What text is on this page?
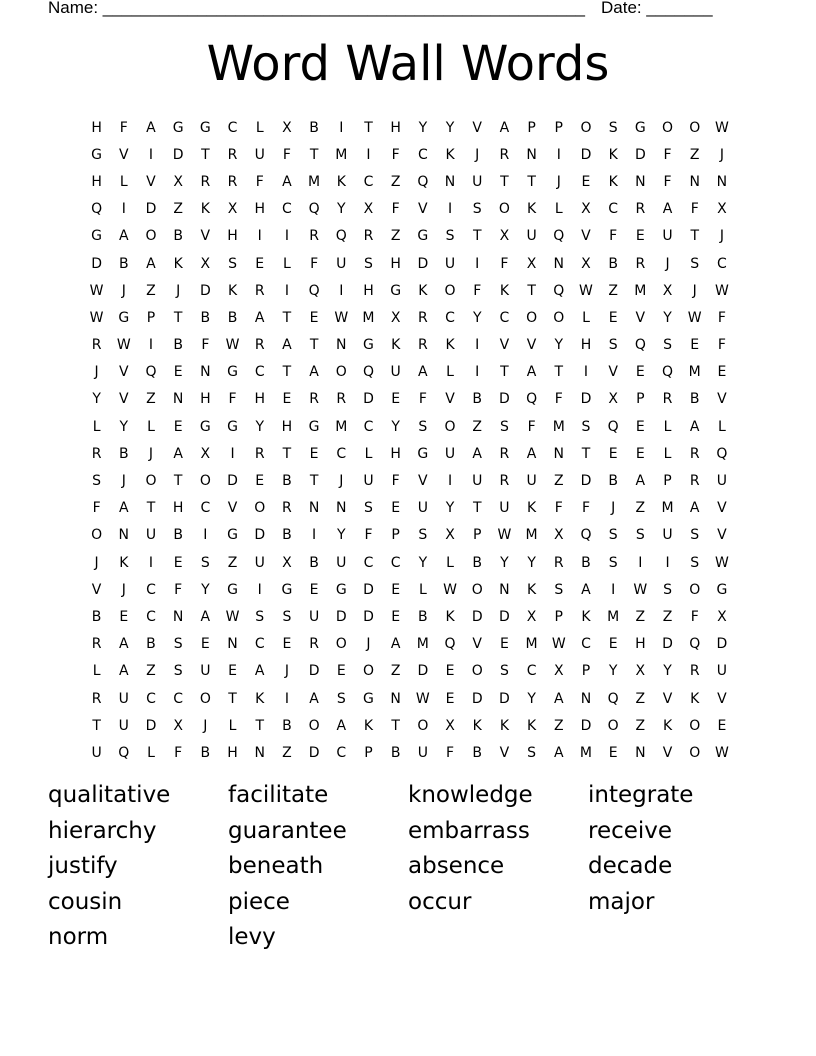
Name: ___________________________________________________ Date: _______
Word Wall Words
H	F	A	G	G	C	L	X	B	I	T	H	Y	Y	V	A	P	P	O	S	G	O	O	W
G	V	I	D	T	R	U	F	T	M	I	F	C	K	J	R	N	I	D	K	D	F	Z	J
H	L	V	X	R	R	F	A	M	K	C	Z	Q	N	U	T	T	J	E	K	N	F	N	N
Q	I	D	Z	K	X	H	C	Q	Y	X	F	V	I	S	O	K	L	X	C	R	A	F	X
G	A	O	B	V	H	I	I	R	Q	R	Z	G	S	T	X	U	Q	V	F	E	U	T	J
D	B	A	K	X	S	E	L	F	U	S	H	D	U	I	F	X	N	X	B	R	J	S	C
W	J	Z	J	D	K	R	I	Q	I	H	G	K	O	F	K	T	Q	W	Z	M	X	J	W
W	G	P	T	B	B	A	T	E	W	M	X	R	C	Y	C	O	O	L	E	V	Y	W	F
R	W	I	B	F	W	R	A	T	N	G	K	R	K	I	V	V	Y	H	S	Q	S	E	F
J	V	Q	E	N	G	C	T	A	O	Q	U	A	L	I	T	A	T	I	V	E	Q	M	E
Y	V	Z	N	H	F	H	E	R	R	D	E	F	V	B	D	Q	F	D	X	P	R	B	V
L	Y	L	E	G	G	Y	H	G	M	C	Y	S	O	Z	S	F	M	S	Q	E	L	A	L
R	B	J	A	X	I	R	T	E	C	L	H	G	U	A	R	A	N	T	E	E	L	R	Q
S	J	O	T	O	D	E	B	T	J	U	F	V	I	U	R	U	Z	D	B	A	P	R	U
F	A	T	H	C	V	O	R	N	N	S	E	U	Y	T	U	K	F	F	J	Z	M	A	V
O	N	U	B	I	G	D	B	I	Y	F	P	S	X	P	W	M	X	Q	S	S	U	S	V
J	K	I	E	S	Z	U	X	B	U	C	C	Y	L	B	Y	Y	R	B	S	I	I	S	W
V	J	C	F	Y	G	I	G	E	G	D	E	L	W	O	N	K	S	A	I	W	S	O	G
B	E	C	N	A	W	S	S	U	D	D	E	B	K	D	D	X	P	K	M	Z	Z	F	X
R	A	B	S	E	N	C	E	R	O	J	A	M	Q	V	E	M	W	C	E	H	D	Q	D
L	A	Z	S	U	E	A	J	D	E	O	Z	D	E	O	S	C	X	P	Y	X	Y	R	U
R	U	C	C	O	T	K	I	A	S	G	N	W	E	D	D	Y	A	N	Q	Z	V	K	V
T	U	D	X	J	L	T	B	O	A	K	T	O	X	K	K	K	Z	D	O	Z	K	O	E
U	Q	L	F	B	H	N	Z	D	C	P	B	U	F	B	V	S	A	M	E	N	V	O	W
qualitative	facilitate	knowledge	integrate
hierarchy	guarantee	embarrass	receive
justify	beneath	absence	decade
cousin	piece	occur	major
norm	levy
